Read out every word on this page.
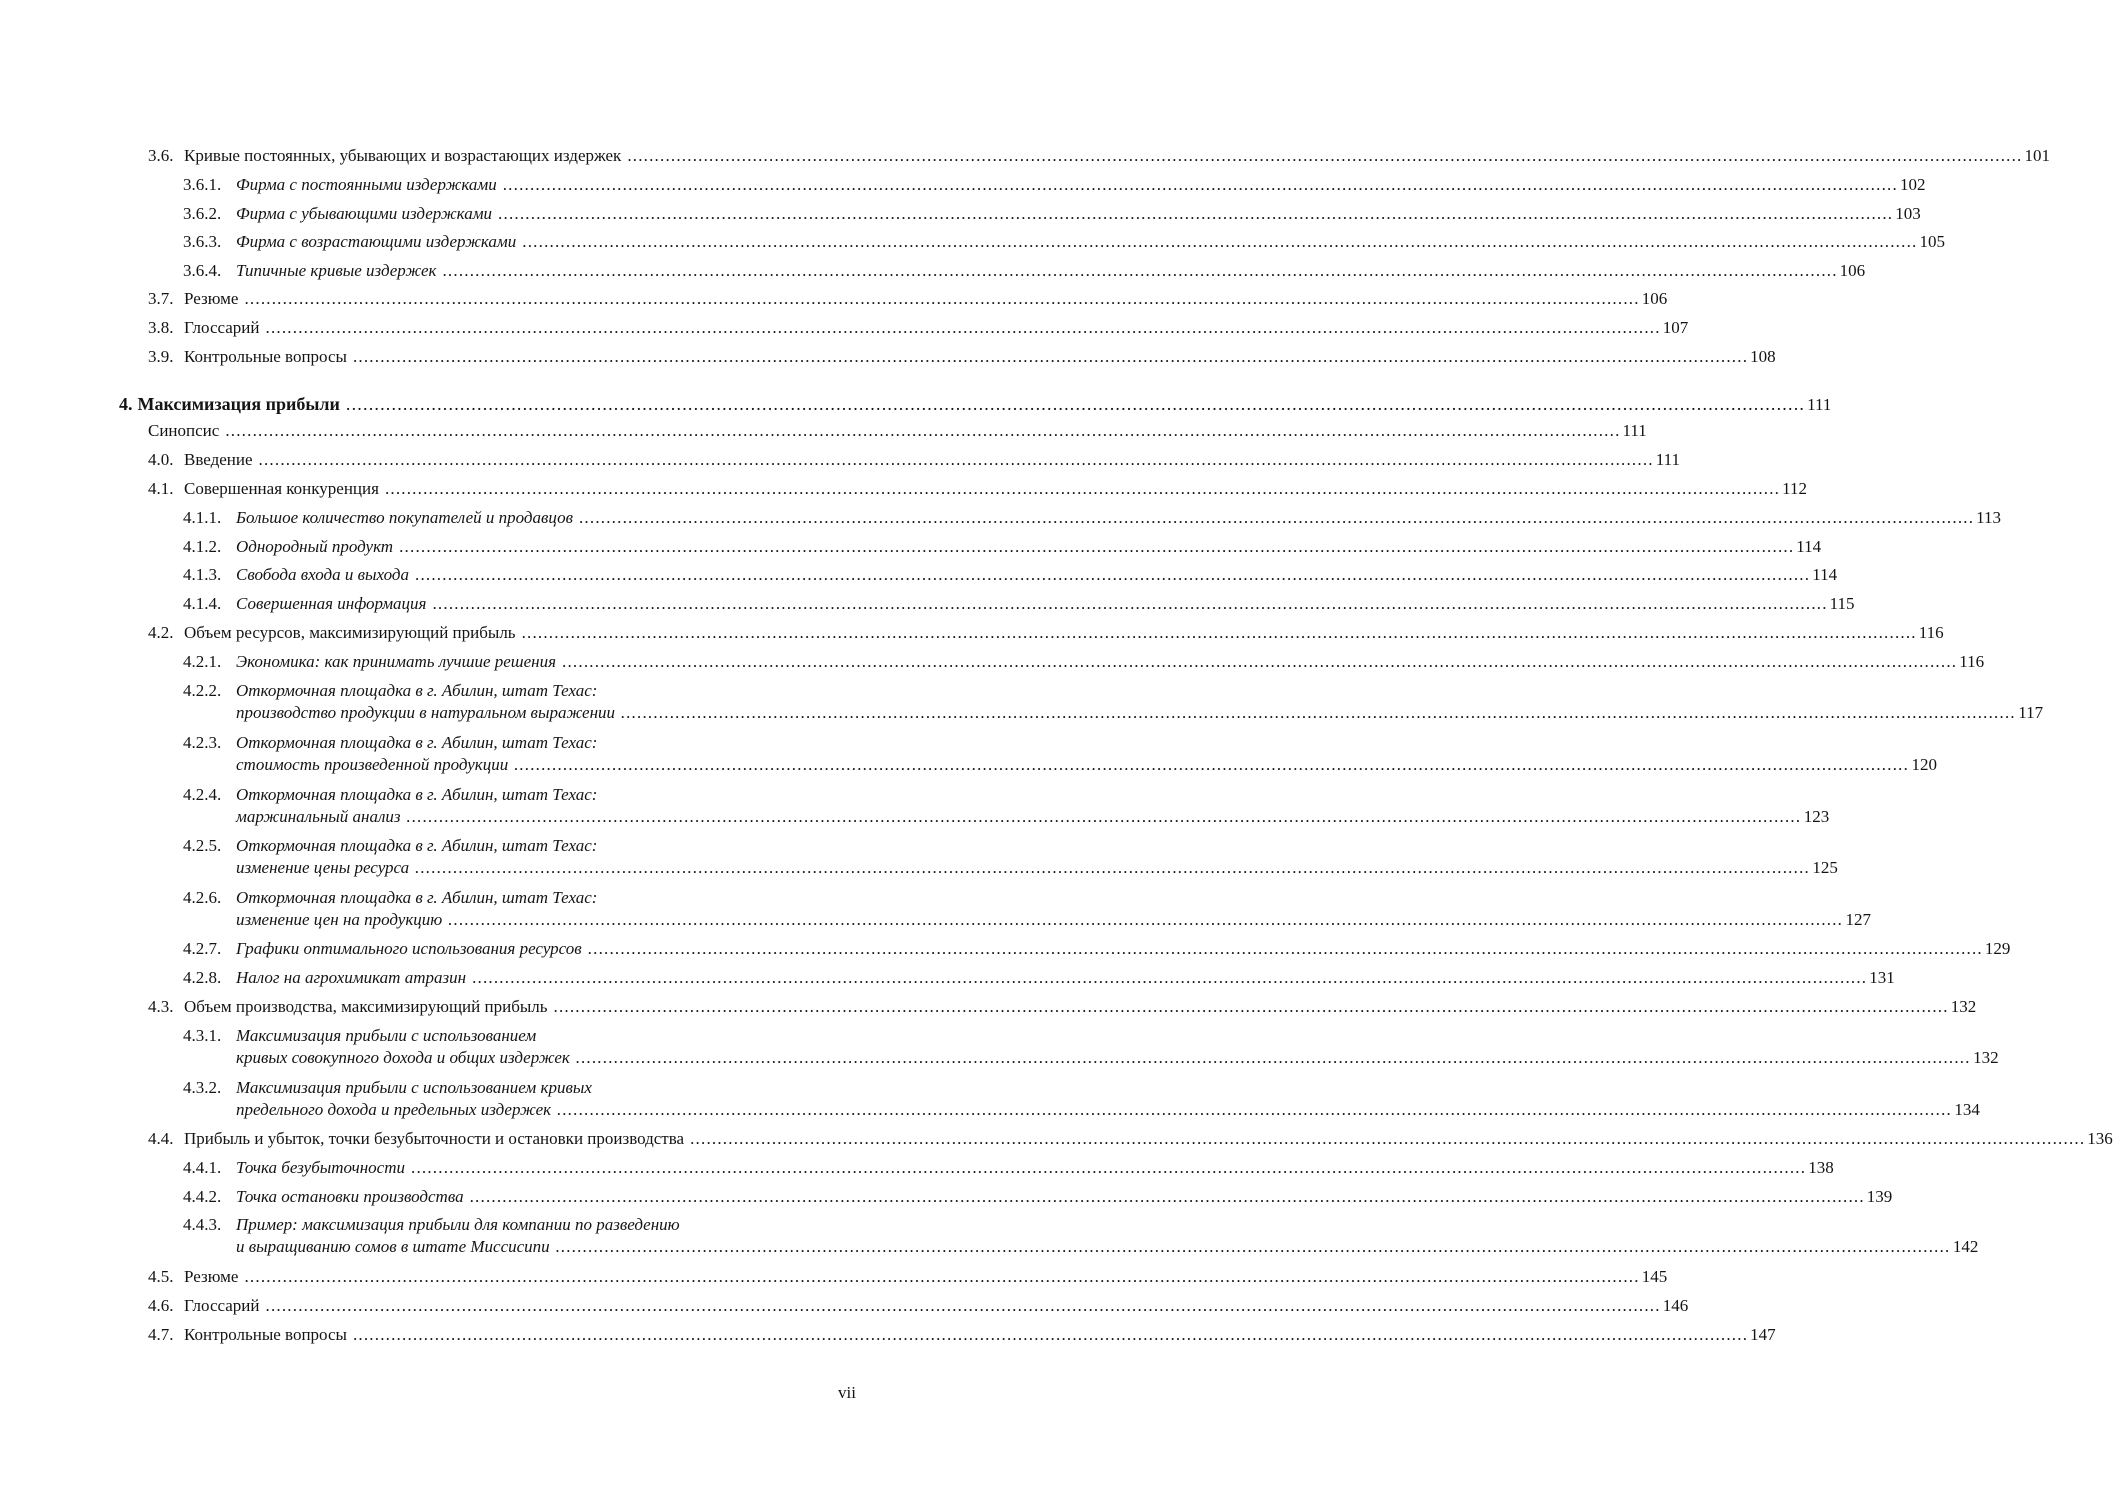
3.6. Кривые постоянных, убывающих и возрастающих издержек .....	101
3.6.1. Фирма с постоянными издержками .....	102
3.6.2. Фирма с убывающими издержками .....	103
3.6.3. Фирма с возрастающими издержками .....	105
3.6.4. Типичные кривые издержек .....	106
3.7. Резюме .....	106
3.8. Глоссарий .....	107
3.9. Контрольные вопросы .....	108
4. Максимизация прибыли .....	111
Синопсис .....	111
4.0. Введение .....	111
4.1. Совершенная конкуренция .....	112
4.1.1. Большое количество покупателей и продавцов .....	113
4.1.2. Однородный продукт .....	114
4.1.3. Свобода входа и выхода .....	114
4.1.4. Совершенная информация .....	115
4.2. Объем ресурсов, максимизирующий прибыль .....	116
4.2.1. Экономика: как принимать лучшие решения .....	116
4.2.2. Откормочная площадка в г. Абилин, штат Техас:
производство продукции в натуральном выражении .....	117
4.2.3. Откормочная площадка в г. Абилин, штат Техас:
стоимость произведенной продукции .....	120
4.2.4. Откормочная площадка в г. Абилин, штат Техас:
маржинальный анализ .....	123
4.2.5. Откормочная площадка в г. Абилин, штат Техас:
изменение цены ресурса .....	125
4.2.6. Откормочная площадка в г. Абилин, штат Техас:
изменение цен на продукцию .....	127
4.2.7. Графики оптимального использования ресурсов .....	129
4.2.8. Налог на агрохимикат атразин .....	131
4.3. Объем производства, максимизирующий прибыль .....	132
4.3.1. Максимизация прибыли с использованием
кривых совокупного дохода и общих издержек .....	132
4.3.2. Максимизация прибыли с использованием кривых
предельного дохода и предельных издержек .....	134
4.4. Прибыль и убыток, точки безубыточности и остановки производства .....	136
4.4.1. Точка безубыточности .....	138
4.4.2. Точка остановки производства .....	139
4.4.3. Пример: максимизация прибыли для компании по разведению
и выращиванию сомов в штате Миссисипи .....	142
4.5. Резюме .....	145
4.6. Глоссарий .....	146
4.7. Контрольные вопросы .....	147
vii
